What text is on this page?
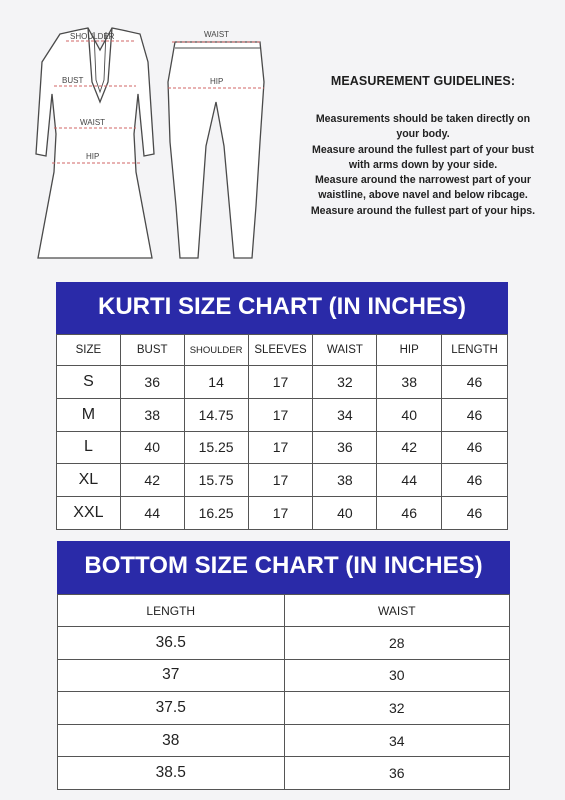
SHOULDER
BUST
WAIST
HIP
WAIST
HIP	MEASUREMENT GUIDELINES:

Measurements should be taken directly on

your body.

Measure around the fullest part of your bust

with arms down by your side.

Measure around the narrowest part of your

waistline, above navel and below ribcage.

Measure around the fullest part of your hips.

KURTI SIZE CHART (IN INCHES)
SIZE	BUST	SHOULDER	SLEEVES	WAIST	HIP	LENGTH
S	36	14	17	32	38	46
M	38	14.75	17	34	40	46
L	40	15.25	17	36	42	46
XL	42	15.75	17	38	44	46
XXL	44	16.25	17	40	46	46
BOTTOM SIZE CHART (IN INCHES)
LENGTH	WAIST
36.5	28
37	30
37.5	32
38	34
38.5	36
